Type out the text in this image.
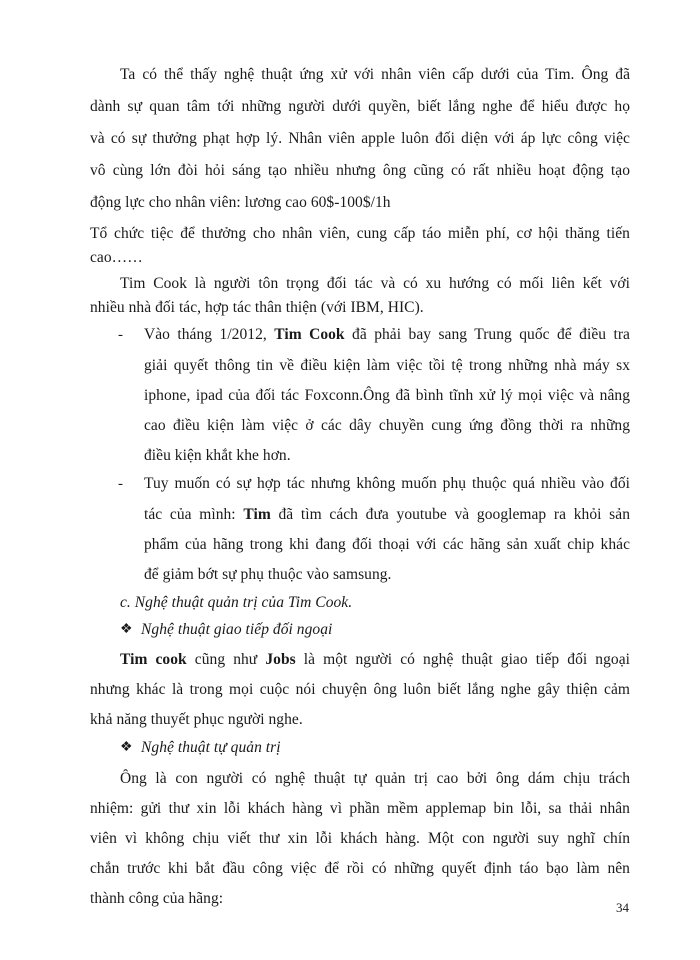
Ta có thể thấy nghệ thuật ứng xử với nhân viên cấp dưới của Tim. Ông đã
dành sự quan tâm tới những người dưới quyền, biết lắng nghe để hiểu được họ
và có sự thưởng phạt hợp lý. Nhân viên apple luôn đối diện với áp lực công việc
vô cùng lớn đòi hỏi sáng tạo nhiều nhưng ông cũng có rất nhiều hoạt động tạo
động lực cho nhân viên: lương cao 60$-100$/1h
Tổ chức tiệc để thưởng cho nhân viên, cung cấp táo miễn phí, cơ hội thăng tiến
cao……
Tim Cook là người tôn trọng đối tác và có xu hướng có mối liên kết với
nhiều nhà đối tác, hợp tác thân thiện (với IBM, HIC).
- Vào tháng 1/2012, Tim Cook đã phải bay sang Trung quốc để điều tra
giải quyết thông tin về điều kiện làm việc tồi tệ trong những nhà máy sx
iphone, ipad của đối tác Foxconn.Ông đã bình tĩnh xử lý mọi việc và nâng
cao điều kiện làm việc ở các dây chuyền cung ứng đồng thời ra những
điều kiện khắt khe hơn.
- Tuy muốn có sự hợp tác nhưng không muốn phụ thuộc quá nhiều vào đối
tác của mình: Tim đã tìm cách đưa youtube và googlemap ra khỏi sản
phẩm của hãng trong khi đang đối thoại với các hãng sản xuất chip khác
để giảm bớt sự phụ thuộc vào samsung.
c. Nghệ thuật quản trị của Tim Cook.
❖ Nghệ thuật giao tiếp đối ngoại
Tim cook cũng như Jobs là một người có nghệ thuật giao tiếp đối ngoại
nhưng khác là trong mọi cuộc nói chuyện ông luôn biết lắng nghe gây thiện cảm
khả năng thuyết phục người nghe.
❖ Nghệ thuật tự quản trị
Ông là con người có nghệ thuật tự quản trị cao bởi ông dám chịu trách
nhiệm: gửi thư xin lỗi khách hàng vì phần mềm applemap bin lỗi, sa thải nhân
viên vì không chịu viết thư xin lỗi khách hàng. Một con người suy nghĩ chín
chắn trước khi bắt đầu công việc để rồi có những quyết định táo bạo làm nên
thành công của hãng:
34
